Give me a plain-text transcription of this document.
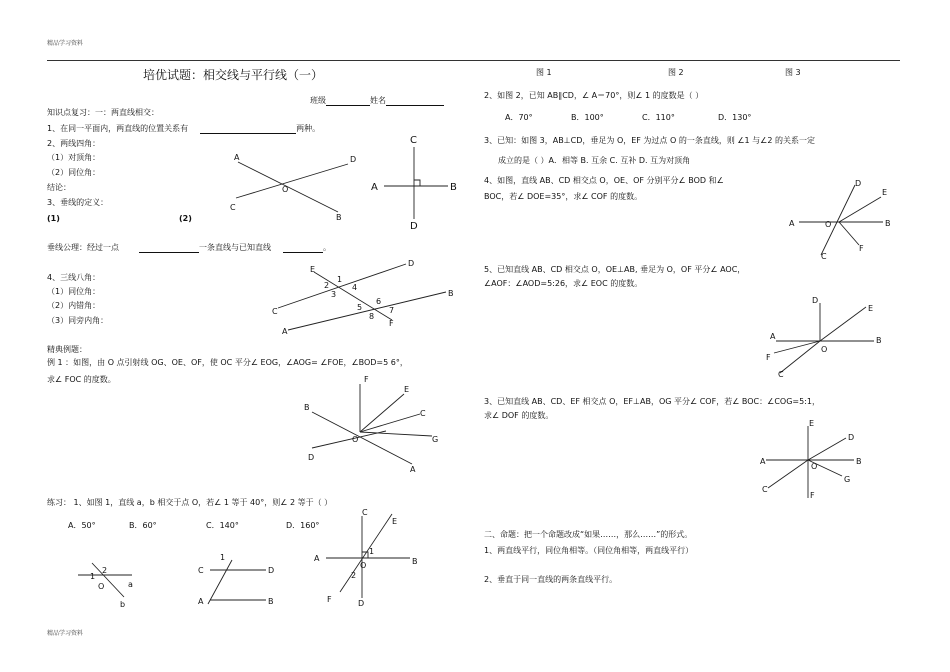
精品学习资料
精品学习资料
培优试题：相交线与平行线（一）
班级	姓名
知识点复习：一：两直线相交：
1、在同一平面内，两直线的位置关系有	两种。
2、两线四角：
（1）对顶角：
（2）同位角：
结论：
3、垂线的定义：
(1)	(2)
垂线公理：经过一点	一条直线与已知直线	。
4、三线八角：
（1）同位角：
（2）内错角：
（3）同旁内角：
精典例题：
例 1 ：如图，由 O 点引射线 OG、OE、OF，使 OC 平分∠ EOG，∠AOG= ∠FOE，∠BOD=5 6°，
求∠ FOC 的度数。
练习： 1、如图 1，直线 a，b 相交于点 O，若∠ 1 等于 40°，则∠ 2 等于（ ）
A．50°	B．60°	C．140°	D．160°
图 1	图 2	图 3
2、如图 2，已知 AB∥CD，∠ A＝70°，则∠ 1 的度数是（ ）
A．70°	B．100°	C．110°	D．130°
3、已知：如图 3，AB⊥CD，垂足为 O，EF 为过点 O 的一条直线，则 ∠1 与∠2 的关系一定
成立的是（ ）A．相等 B. 互余 C. 互补 D. 互为对顶角
4、如图，直线 AB、CD 相交点 O，OE、OF 分别平分∠ BOD 和∠
BOC，若∠ DOE=35°，求∠ COF 的度数。
5、已知直线 AB、CD 相交点 O，OE⊥AB, 垂足为 O，OF 平分∠ AOC，
∠AOF：∠AOD=5:26，求∠ EOC 的度数。
3、已知直线 AB、CD、EF 相交点 O，EF⊥AB，OG 平分∠ COF，若∠ BOC：∠COG=5:1，
求∠ DOF 的度数。
二、命题：把一个命题改成“如果……，那么……”的形式。
1、两直线平行，同位角相等。（同位角相等，两直线平行）
2、垂直于同一直线的两条直线平行。
A	D
C
B
O
C
A	B
D
E
D
C
B
A
F
1
2
3
4
5
6
7
8
F
E
C
G
B
D
A
O
1
2
O	a
b
1
C	D
A	B
C
E
A	B
1
2
O
F	D
D
E
A	B
O
F
C
D
E
A	B
O
F
C
E
D
A	B
O
G
C
F
